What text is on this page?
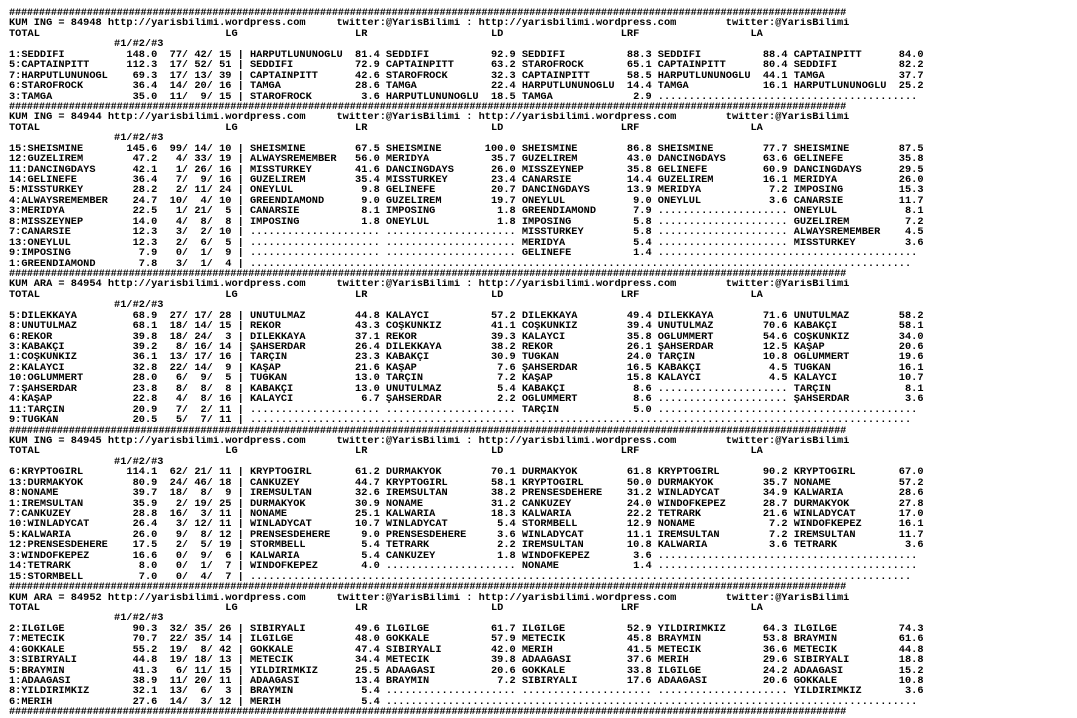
############################################################################################################################################
KUM ING = 84948 http://yarisbilimi.wordpress.com     twitter:@YarisBilimi : http://yarisbilimi.wordpress.com        twitter:@YarisBilimi
TOTAL                              LG                   LR                    LD                   LRF                  LA
#1/#2/#3
1:SEDDIFI          148.0  77/ 42/ 15 | HARPUTLUNUNOĞLU  81.4 SEDDIFI          92.9 SEDDIFI          88.3 SEDDIFI          88.4 CAPTAINPITT      84.0
5:CAPTAINPITT      112.3  17/ 52/ 51 | SEDDIFI          72.9 CAPTAINPITT      63.2 STAROFROCK       65.1 CAPTAINPITT      80.4 SEDDIFI          82.2
7:HARPUTLUNUNOĞL    69.3  17/ 13/ 39 | CAPTAINPITT      42.6 STAROFROCK       32.3 CAPTAINPITT      58.5 HARPUTLUNUNOĞLU  44.1 TAMGA            37.7
6:STAROFROCK        36.4  14/ 20/ 16 | TAMGA            28.6 TAMGA            22.4 HARPUTLUNUNOĞLU  14.4 TAMGA            16.1 HARPUTLUNUNOĞLU  25.2
3:TAMGA             35.0  11/  9/ 15 | STAROFROCK        3.6 HARPUTLUNUNOĞLU  18.5 TAMGA             2.9 ..........................................
############################################################################################################################################
KUM ING = 84944 http://yarisbilimi.wordpress.com     twitter:@YarisBilimi : http://yarisbilimi.wordpress.com        twitter:@YarisBilimi
TOTAL                              LG                   LR                    LD                   LRF                  LA
#1/#2/#3
15:SHEISMINE       145.6  99/ 14/ 10 | SHEISMINE        67.5 SHEISMINE       100.0 SHEISMINE        86.8 SHEISMINE        77.7 SHEISMINE        87.5
12:GÜZELİREM        47.2   4/ 33/ 19 | ALWAYSREMEMBER   56.0 MERIDYA          35.7 GÜZELİREM        43.0 DANCINGDAYS      63.6 GELİNEFE         35.8
11:DANCINGDAYS      42.1   1/ 26/ 16 | MISSTURKEY       41.6 DANCINGDAYS      26.0 MISSZEYNEP       35.8 GELİNEFE         60.9 DANCINGDAYS      29.5
14:GELİNEFE         36.4   7/  9/ 16 | GÜZELİREM        35.4 MISSTURKEY       23.4 CANARSIE         14.4 GÜZELİREM        16.1 MERIDYA          26.0
5:MISSTURKEY        28.2   2/ 11/ 24 | ONEYLÜL           9.8 GELİNEFE         20.7 DANCINGDAYS      13.9 MERIDYA           7.2 IMPOSING         15.3
4:ALWAYSREMEMBER    24.7  10/  4/ 10 | GREENDIAMOND      9.0 GÜZELİREM        19.7 ONEYLÜL           9.0 ONEYLÜL           3.6 CANARSIE         11.7
3:MERIDYA           22.5   1/ 21/  5 | CANARSIE          8.1 IMPOSING          1.8 GREENDIAMOND      7.9 ..................... ONEYLÜL           8.1
8:MISSZEYNEP        14.0   4/  8/  8 | IMPOSING          1.8 ONEYLÜL           1.8 IMPOSING          5.8 ..................... GÜZELİREM         7.2
7:CANARSIE          12.3   3/  2/ 10 | ..................... ..................... MISSTURKEY        5.8 ..................... ALWAYSREMEMBER    4.5
13:ONEYLÜL          12.3   2/  6/  5 | ..................... ..................... MERIDYA           5.4 ..................... MISSTURKEY        3.6
9:IMPOSING           7.9   0/  1/  9 | ..................... ..................... GELİNEFE          1.4 ..........................................
1:GREENDIAMOND       7.8   3/  1/  4 | ...........................................................................................................
############################################################################################################################################
KUM ARA = 84954 http://yarisbilimi.wordpress.com     twitter:@YarisBilimi : http://yarisbilimi.wordpress.com        twitter:@YarisBilimi
TOTAL                              LG                   LR                    LD                   LRF                  LA
#1/#2/#3
5:DİLEKKAYA         68.9  27/ 17/ 28 | UNUTULMAZ        44.8 KALAYCI          57.2 DİLEKKAYA        49.4 DİLEKKAYA        71.6 UNUTULMAZ        58.2
8:UNUTULMAZ         68.1  18/ 14/ 15 | REKOR            43.3 COŞKUNKIZ        41.1 COŞKUNKIZ        39.4 UNUTULMAZ        70.6 KABAKÇI          58.1
6:REKOR             39.8  18/ 24/  3 | DİLEKKAYA        37.1 REKOR            39.3 KALAYCI          35.8 OĞLUMMERT        54.6 COŞKUNKIZ        34.0
3:KABAKÇI           39.2   8/ 16/ 14 | ŞAHSERDAR        26.4 DİLEKKAYA        38.2 REKOR            26.1 ŞAHSERDAR        12.5 KAŞAP            20.6
1:COŞKUNKIZ         36.1  13/ 17/ 16 | TARÇIN           23.3 KABAKÇI          30.9 TUĞKAN           24.0 TARÇIN           10.8 OĞLUMMERT        19.6
2:KALAYCI           32.8  22/ 14/  9 | KAŞAP            21.6 KAŞAP             7.6 ŞAHSERDAR        16.5 KABAKÇI           4.5 TUĞKAN           16.1
10:OĞLUMMERT        28.0   6/  9/  5 | TUĞKAN           13.0 TARÇIN            7.2 KAŞAP            15.8 KALAYCI           4.5 KALAYCI          10.7
7:ŞAHSERDAR         23.8   8/  8/  8 | KABAKÇI          13.0 UNUTULMAZ         5.4 KABAKÇI           8.6 ..................... TARÇIN            8.1
4:KAŞAP             22.8   4/  8/ 16 | KALAYCI           6.7 ŞAHSERDAR         2.2 OĞLUMMERT         8.6 ..................... ŞAHSERDAR         3.6
11:TARÇIN           20.9   7/  2/ 11 | ..................... ..................... TARÇIN            5.0 ..........................................
9:TUĞKAN            20.5   5/  7/ 11 | ...........................................................................................................
############################################################################################################################################
KUM ING = 84945 http://yarisbilimi.wordpress.com     twitter:@YarisBilimi : http://yarisbilimi.wordpress.com        twitter:@YarisBilimi
TOTAL                              LG                   LR                    LD                   LRF                  LA
#1/#2/#3
6:KRYPTOGIRL       114.1  62/ 21/ 11 | KRYPTOGIRL       61.2 DURMAKYOK        70.1 DURMAKYOK        61.8 KRYPTOGIRL       90.2 KRYPTOGIRL       67.0
13:DURMAKYOK        80.9  24/ 46/ 18 | CANKUZEY         44.7 KRYPTOGIRL       58.1 KRYPTOGIRL       50.0 DURMAKYOK        35.7 NONAME           57.2
8:NONAME            39.7  18/  8/  9 | İREMSULTAN       32.6 İREMSULTAN       38.2 PRENSESDEHERE    31.2 WINLADYCAT       34.9 KALWARIA         28.6
1:İREMSULTAN        35.9   2/ 19/ 25 | DURMAKYOK        30.9 NONAME           31.2 CANKUZEY         24.0 WINDOFKEPEZ      28.7 DURMAKYOK        27.8
7:CANKUZEY          28.8  16/  3/ 11 | NONAME           25.1 KALWARIA         18.3 KALWARIA         22.2 TETRARK          21.6 WINLADYCAT       17.0
10:WINLADYCAT       26.4   3/ 12/ 11 | WINLADYCAT       10.7 WINLADYCAT        5.4 STORMBELL        12.9 NONAME            7.2 WINDOFKEPEZ      16.1
5:KALWARIA          26.0   9/  8/ 12 | PRENSESDEHERE     9.0 PRENSESDEHERE     3.6 WINLADYCAT       11.1 İREMSULTAN        7.2 İREMSULTAN       11.7
12:PRENSESDEHERE    17.5   2/  5/ 19 | STORMBELL         5.4 TETRARK           2.2 İREMSULTAN       10.8 KALWARIA          3.6 TETRARK           3.6
3:WINDOFKEPEZ       16.6   0/  9/  6 | KALWARIA          5.4 CANKUZEY          1.8 WINDOFKEPEZ       3.6 ..........................................
14:TETRARK           8.0   0/  1/  7 | WINDOFKEPEZ       4.0 ..................... NONAME            1.4 ..........................................
15:STORMBELL         7.0   0/  4/  7 | ...........................................................................................................
############################################################################################################################################
KUM ARA = 84952 http://yarisbilimi.wordpress.com     twitter:@YarisBilimi : http://yarisbilimi.wordpress.com        twitter:@YarisBilimi
TOTAL                              LG                   LR                    LD                   LRF                  LA
#1/#2/#3
2:İLGİLGE           90.3  32/ 35/ 26 | SİBİRYALI        49.6 İLGİLGE          61.7 İLGİLGE          52.9 YILDIRIMKIZ      64.3 İLGİLGE          74.3
7:METECİK           70.7  22/ 35/ 14 | İLGİLGE          48.0 GÖKKALE          57.9 METECİK          45.8 BRAYMIN          53.8 BRAYMIN          61.6
4:GÖKKALE           55.2  19/  8/ 42 | GÖKKALE          47.4 SİBİRYALI        42.0 MERİH            41.5 METECİK          36.6 METECİK          44.8
3:SİBİRYALI         44.8  19/ 18/ 13 | METECİK          34.4 METECİK          39.8 ADAAĞASI         37.6 MERİH            29.6 SİBİRYALI        18.8
5:BRAYMIN           41.3   6/ 11/ 15 | YILDIRIMKIZ      25.5 ADAAĞASI         20.6 GÖKKALE          33.8 İLGİLGE          24.2 ADAAĞASI         15.2
1:ADAAĞASI          38.9  11/ 20/ 11 | ADAAĞASI         13.4 BRAYMIN           7.2 SİBİRYALI        17.6 ADAAĞASI         20.6 GÖKKALE          10.8
8:YILDIRIMKIZ       32.1  13/  6/  3 | BRAYMIN           5.4 ..................... ..................... ..................... YILDIRIMKIZ       3.6
6:MERİH             27.6  14/  3/ 12 | MERİH             5.4 ......................................................................................
############################################################################################################################################
